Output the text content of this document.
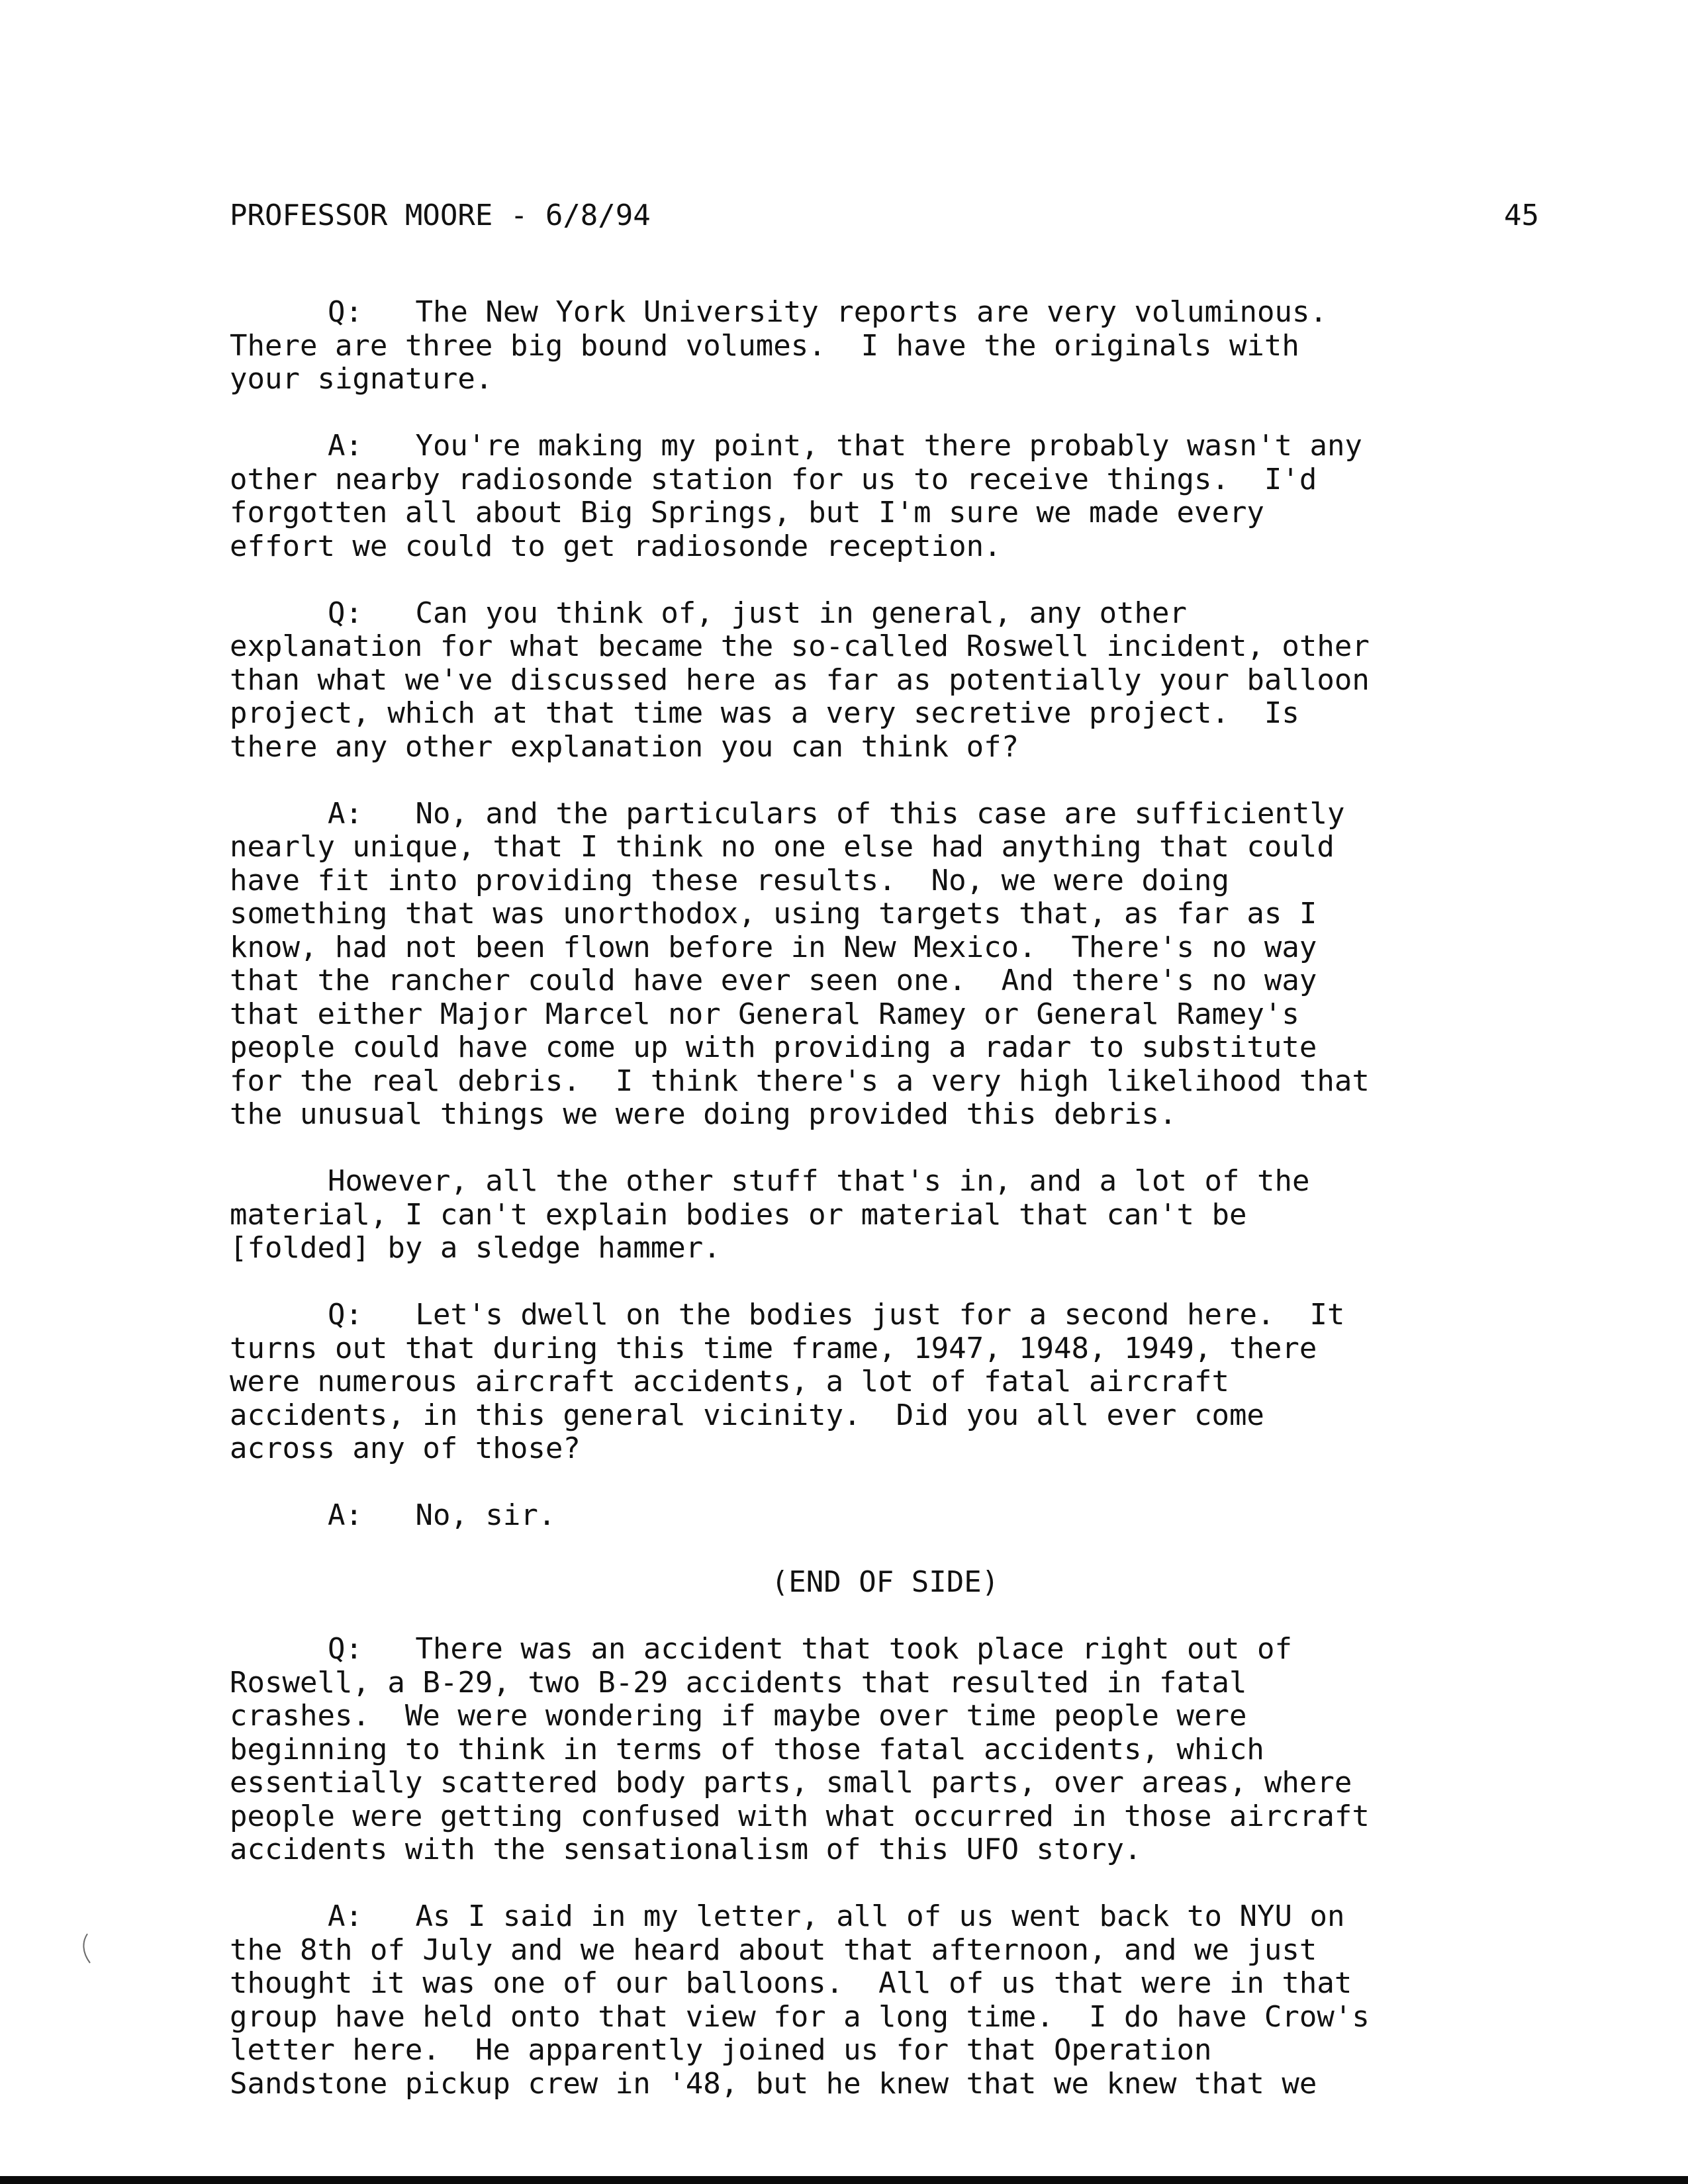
PROFESSOR MOORE - 6/8/94	45
Q:   The New York University reports are very voluminous.
There are three big bound volumes.  I have the originals with
your signature.
A:   You're making my point, that there probably wasn't any
other nearby radiosonde station for us to receive things.  I'd
forgotten all about Big Springs, but I'm sure we made every
effort we could to get radiosonde reception.
Q:   Can you think of, just in general, any other
explanation for what became the so-called Roswell incident, other
than what we've discussed here as far as potentially your balloon
project, which at that time was a very secretive project.  Is
there any other explanation you can think of?
A:   No, and the particulars of this case are sufficiently
nearly unique, that I think no one else had anything that could
have fit into providing these results.  No, we were doing
something that was unorthodox, using targets that, as far as I
know, had not been flown before in New Mexico.  There's no way
that the rancher could have ever seen one.  And there's no way
that either Major Marcel nor General Ramey or General Ramey's
people could have come up with providing a radar to substitute
for the real debris.  I think there's a very high likelihood that
the unusual things we were doing provided this debris.
However, all the other stuff that's in, and a lot of the
material, I can't explain bodies or material that can't be
[folded] by a sledge hammer.
Q:   Let's dwell on the bodies just for a second here.  It
turns out that during this time frame, 1947, 1948, 1949, there
were numerous aircraft accidents, a lot of fatal aircraft
accidents, in this general vicinity.  Did you all ever come
across any of those?
A:   No, sir.
(END OF SIDE)
Q:   There was an accident that took place right out of
Roswell, a B-29, two B-29 accidents that resulted in fatal
crashes.  We were wondering if maybe over time people were
beginning to think in terms of those fatal accidents, which
essentially scattered body parts, small parts, over areas, where
people were getting confused with what occurred in those aircraft
accidents with the sensationalism of this UFO story.
A:   As I said in my letter, all of us went back to NYU on
the 8th of July and we heard about that afternoon, and we just
thought it was one of our balloons.  All of us that were in that
group have held onto that view for a long time.  I do have Crow's
letter here.  He apparently joined us for that Operation
Sandstone pickup crew in '48, but he knew that we knew that we
